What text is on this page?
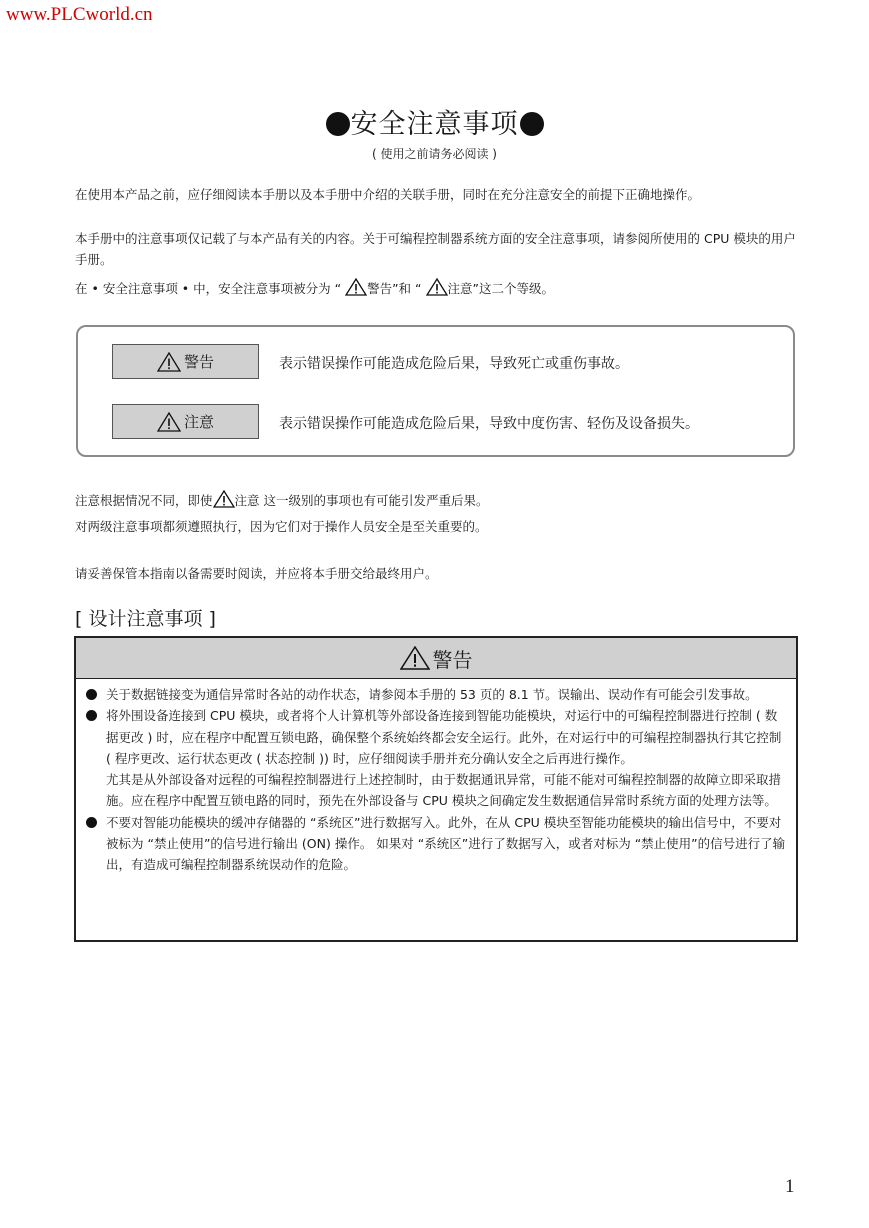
www.PLCworld.cn
安全注意事项
( 使用之前请务必阅读 )
在使用本产品之前，应仔细阅读本手册以及本手册中介绍的关联手册，同时在充分注意安全的前提下正确地操作。
本手册中的注意事项仅记载了与本产品有关的内容。关于可编程控制器系统方面的安全注意事项，请参阅所使用的 CPU 模块的用户手册。
在 • 安全注意事项 • 中，安全注意事项被分为 “ 警告”和 “ 注意”这二个等级。
警告	表示错误操作可能造成危险后果，导致死亡或重伤事故。
注意	表示错误操作可能造成危险后果，导致中度伤害、轻伤及设备损失。
注意根据情况不同，即使 注意 这一级别的事项也有可能引发严重后果。
对两级注意事项都须遵照执行，因为它们对于操作人员安全是至关重要的。
请妥善保管本指南以备需要时阅读，并应将本手册交给最终用户。
[ 设计注意事项 ]
警告
关于数据链接变为通信异常时各站的动作状态，请参阅本手册的 53 页的 8.1 节。误输出、误动作有可能会引发事故。
将外围设备连接到 CPU 模块，或者将个人计算机等外部设备连接到智能功能模块，对运行中的可编程控制器进行控制 ( 数据更改 ) 时，应在程序中配置互锁电路，确保整个系统始终都会安全运行。此外，在对运行中的可编程控制器执行其它控制 ( 程序更改、运行状态更改 ( 状态控制 )) 时，应仔细阅读手册并充分确认安全之后再进行操作。
尤其是从外部设备对远程的可编程控制器进行上述控制时，由于数据通讯异常，可能不能对可编程控制器的故障立即采取措施。应在程序中配置互锁电路的同时，预先在外部设备与 CPU 模块之间确定发生数据通信异常时系统方面的处理方法等。
不要对智能功能模块的缓冲存储器的 “系统区”进行数据写入。此外，在从 CPU 模块至智能功能模块的输出信号中，不要对被标为 “禁止使用”的信号进行输出 (ON) 操作。 如果对 “系统区”进行了数据写入，或者对标为 “禁止使用”的信号进行了输出，有造成可编程控制器系统误动作的危险。
1
